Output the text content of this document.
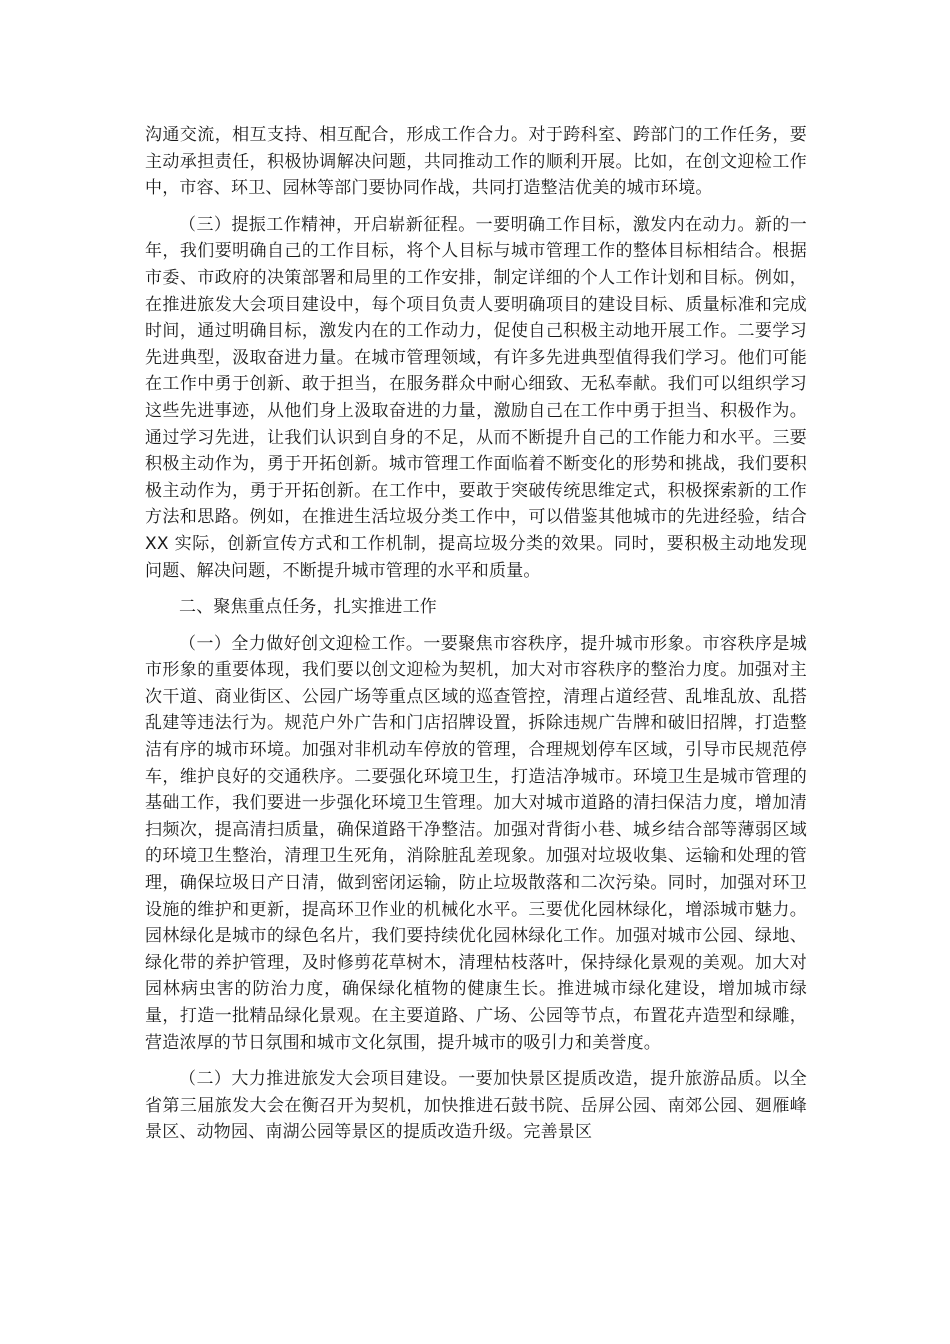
沟通交流，相互支持、相互配合，形成工作合力。对于跨科室、跨部门的工作任务，要主动承担责任，积极协调解决问题，共同推动工作的顺利开展。比如，在创文迎检工作中，市容、环卫、园林等部门要协同作战，共同打造整洁优美的城市环境。

（三）提振工作精神，开启崭新征程。一要明确工作目标，激发内在动力。新的一年，我们要明确自己的工作目标，将个人目标与城市管理工作的整体目标相结合。根据市委、市政府的决策部署和局里的工作安排，制定详细的个人工作计划和目标。例如，在推进旅发大会项目建设中，每个项目负责人要明确项目的建设目标、质量标准和完成时间，通过明确目标，激发内在的工作动力，促使自己积极主动地开展工作。二要学习先进典型，汲取奋进力量。在城市管理领域，有许多先进典型值得我们学习。他们可能在工作中勇于创新、敢于担当，在服务群众中耐心细致、无私奉献。我们可以组织学习这些先进事迹，从他们身上汲取奋进的力量，激励自己在工作中勇于担当、积极作为。通过学习先进，让我们认识到自身的不足，从而不断提升自己的工作能力和水平。三要积极主动作为，勇于开拓创新。城市管理工作面临着不断变化的形势和挑战，我们要积极主动作为，勇于开拓创新。在工作中，要敢于突破传统思维定式，积极探索新的工作方法和思路。例如，在推进生活垃圾分类工作中，可以借鉴其他城市的先进经验，结合 XX 实际，创新宣传方式和工作机制，提高垃圾分类的效果。同时，要积极主动地发现问题、解决问题，不断提升城市管理的水平和质量。

二、聚焦重点任务，扎实推进工作

（一）全力做好创文迎检工作。一要聚焦市容秩序，提升城市形象。市容秩序是城市形象的重要体现，我们要以创文迎检为契机，加大对市容秩序的整治力度。加强对主次干道、商业街区、公园广场等重点区域的巡查管控，清理占道经营、乱堆乱放、乱搭乱建等违法行为。规范户外广告和门店招牌设置，拆除违规广告牌和破旧招牌，打造整洁有序的城市环境。加强对非机动车停放的管理，合理规划停车区域，引导市民规范停车，维护良好的交通秩序。二要强化环境卫生，打造洁净城市。环境卫生是城市管理的基础工作，我们要进一步强化环境卫生管理。加大对城市道路的清扫保洁力度，增加清扫频次，提高清扫质量，确保道路干净整洁。加强对背街小巷、城乡结合部等薄弱区域的环境卫生整治，清理卫生死角，消除脏乱差现象。加强对垃圾收集、运输和处理的管理，确保垃圾日产日清，做到密闭运输，防止垃圾散落和二次污染。同时，加强对环卫设施的维护和更新，提高环卫作业的机械化水平。三要优化园林绿化，增添城市魅力。园林绿化是城市的绿色名片，我们要持续优化园林绿化工作。加强对城市公园、绿地、绿化带的养护管理，及时修剪花草树木，清理枯枝落叶，保持绿化景观的美观。加大对园林病虫害的防治力度，确保绿化植物的健康生长。推进城市绿化建设，增加城市绿量，打造一批精品绿化景观。在主要道路、广场、公园等节点，布置花卉造型和绿雕，营造浓厚的节日氛围和城市文化氛围，提升城市的吸引力和美誉度。

（二）大力推进旅发大会项目建设。一要加快景区提质改造，提升旅游品质。以全省第三届旅发大会在衡召开为契机，加快推进石鼓书院、岳屏公园、南郊公园、廻雁峰景区、动物园、南湖公园等景区的提质改造升级。完善景区
